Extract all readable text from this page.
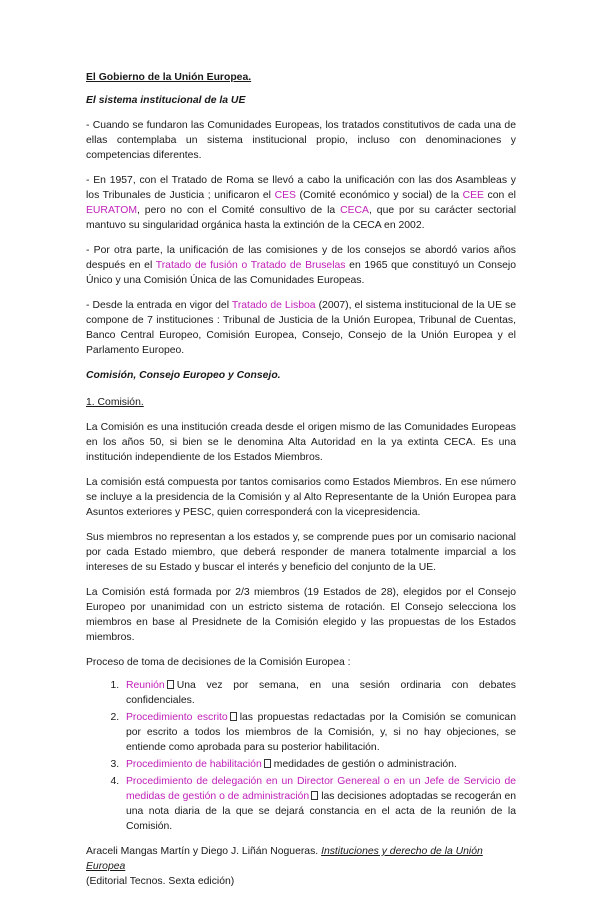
El Gobierno de la Unión Europea.

El sistema institucional de la UE

- Cuando se fundaron las Comunidades Europeas, los tratados constitutivos de cada una de ellas contemplaba un sistema institucional propio, incluso con denominaciones y competencias diferentes.

- En 1957, con el Tratado de Roma se llevó a cabo la unificación con las dos Asambleas y los Tribunales de Justicia ; unificaron el CES (Comité económico y social) de la CEE con el EURATOM, pero no con el Comité consultivo de la CECA, que por su carácter sectorial mantuvo su singularidad orgánica hasta la extinción de la CECA en 2002.

- Por otra parte, la unificación de las comisiones y de los consejos se abordó varios años después en el Tratado de fusión o Tratado de Bruselas en 1965 que constituyó un Consejo Único y una Comisión Única de las Comunidades Europeas.

- Desde la entrada en vigor del Tratado de Lisboa (2007), el sistema institucional de la UE se compone de 7 instituciones : Tribunal de Justicia de la Unión Europea, Tribunal de Cuentas, Banco Central Europeo, Comisión Europea, Consejo, Consejo de la Unión Europea y el Parlamento Europeo.

Comisión, Consejo Europeo y Consejo.

1. Comisión.

La Comisión es una institución creada desde el origen mismo de las Comunidades Europeas en los años 50, si bien se le denomina Alta Autoridad en la ya extinta CECA. Es una institución independiente de los Estados Miembros.

La comisión está compuesta por tantos comisarios como Estados Miembros. En ese número se incluye a la presidencia de la Comisión y al Alto Representante de la Unión Europea para Asuntos exteriores y PESC, quien corresponderá con la vicepresidencia.

Sus miembros no representan a los estados y, se comprende pues por un comisario nacional por cada Estado miembro, que deberá responder de manera totalmente imparcial a los intereses de su Estado y buscar el interés y beneficio del conjunto de la UE.

La Comisión está formada por 2/3 miembros (19 Estados de 28), elegidos por el Consejo Europeo por unanimidad con un estricto sistema de rotación. El Consejo selecciona los miembros en base al Presidnete de la Comisión elegido y las propuestas de los Estados miembros.

Proceso de toma de decisiones de la Comisión Europea :

1. Reunión Una vez por semana, en una sesión ordinaria con debates confidenciales.
2. Procedimiento escrito las propuestas redactadas por la Comisión se comunican por escrito a todos los miembros de la Comisión, y, si no hay objeciones, se entiende como aprobada para su posterior habilitación.
3. Procedimiento de habilitación medidades de gestión o administración.
4. Procedimiento de delegación en un Director Genereal o en un Jefe de Servicio de medidas de gestión o de administración las decisiones adoptadas se recogerán en una nota diaria de la que se dejará constancia en el acta de la reunión de la Comisión.

Araceli Mangas Martín y Diego J. Liñán Nogueras. Instituciones y derecho de la Unión Europea
(Editorial Tecnos. Sexta edición)
